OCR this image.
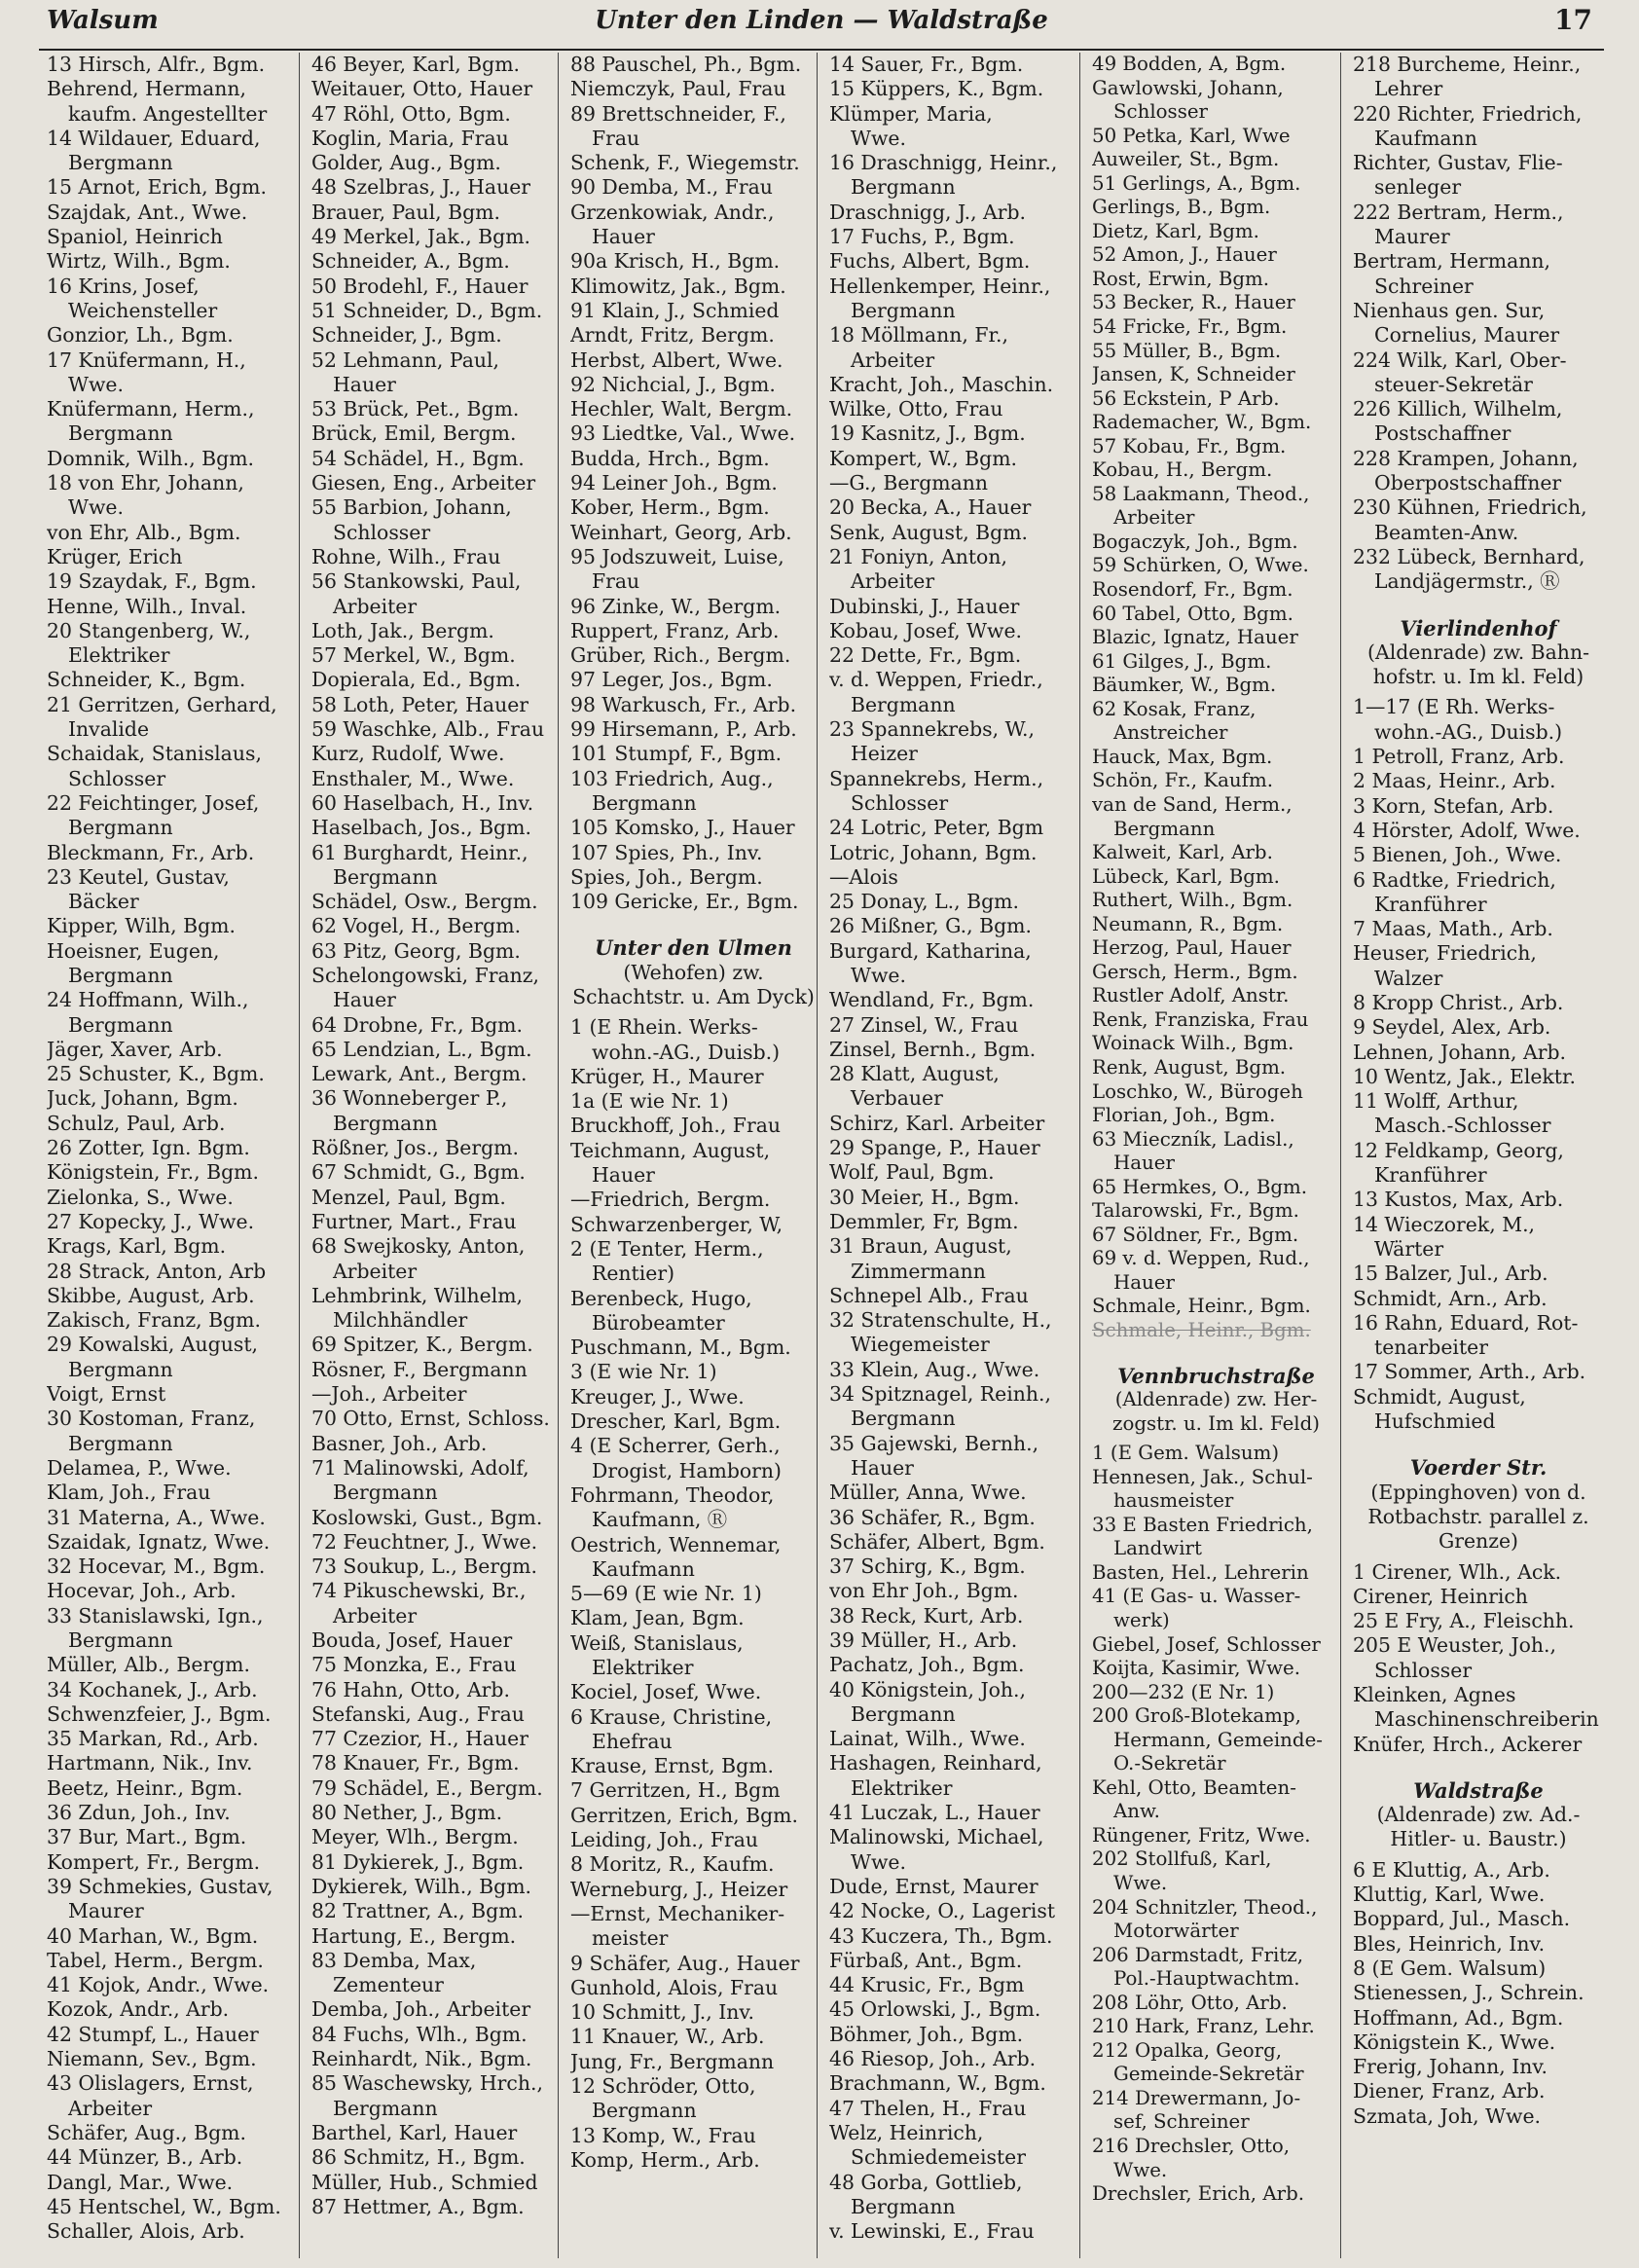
Walsum	Unter den Linden — Waldstraße	17
13 Hirsch, Alfr., Bgm.
Behrend, Hermann,
kaufm. Angestellter
14 Wildauer, Eduard,
Bergmann
15 Arnot, Erich, Bgm.
Szajdak, Ant., Wwe.
Spaniol, Heinrich
Wirtz, Wilh., Bgm.
16 Krins, Josef,
Weichensteller
Gonzior, Lh., Bgm.
17 Knüfermann, H.,
Wwe.
Knüfermann, Herm.,
Bergmann
Domnik, Wilh., Bgm.
18 von Ehr, Johann,
Wwe.
von Ehr, Alb., Bgm.
Krüger, Erich
19 Szaydak, F., Bgm.
Henne, Wilh., Inval.
20 Stangenberg, W.,
Elektriker
Schneider, K., Bgm.
21 Gerritzen, Gerhard,
Invalide
Schaidak, Stanislaus,
Schlosser
22 Feichtinger, Josef,
Bergmann
Bleckmann, Fr., Arb.
23 Keutel, Gustav,
Bäcker
Kipper, Wilh, Bgm.
Hoeisner, Eugen,
Bergmann
24 Hoffmann, Wilh.,
Bergmann
Jäger, Xaver, Arb.
25 Schuster, K., Bgm.
Juck, Johann, Bgm.
Schulz, Paul, Arb.
26 Zotter, Ign. Bgm.
Königstein, Fr., Bgm.
Zielonka, S., Wwe.
27 Kopecky, J., Wwe.
Krags, Karl, Bgm.
28 Strack, Anton, Arb
Skibbe, August, Arb.
Zakisch, Franz, Bgm.
29 Kowalski, August,
Bergmann
Voigt, Ernst
30 Kostoman, Franz,
Bergmann
Delamea, P., Wwe.
Klam, Joh., Frau
31 Materna, A., Wwe.
Szaidak, Ignatz, Wwe.
32 Hocevar, M., Bgm.
Hocevar, Joh., Arb.
33 Stanislawski, Ign.,
Bergmann
Müller, Alb., Bergm.
34 Kochanek, J., Arb.
Schwenzfeier, J., Bgm.
35 Markan, Rd., Arb.
Hartmann, Nik., Inv.
Beetz, Heinr., Bgm.
36 Zdun, Joh., Inv.
37 Bur, Mart., Bgm.
Kompert, Fr., Bergm.
39 Schmekies, Gustav,
Maurer
40 Marhan, W., Bgm.
Tabel, Herm., Bergm.
41 Kojok, Andr., Wwe.
Kozok, Andr., Arb.
42 Stumpf, L., Hauer
Niemann, Sev., Bgm.
43 Olislagers, Ernst,
Arbeiter
Schäfer, Aug., Bgm.
44 Münzer, B., Arb.
Dangl, Mar., Wwe.
45 Hentschel, W., Bgm.
Schaller, Alois, Arb.
46 Beyer, Karl, Bgm.
Weitauer, Otto, Hauer
47 Röhl, Otto, Bgm.
Koglin, Maria, Frau
Golder, Aug., Bgm.
48 Szelbras, J., Hauer
Brauer, Paul, Bgm.
49 Merkel, Jak., Bgm.
Schneider, A., Bgm.
50 Brodehl, F., Hauer
51 Schneider, D., Bgm.
Schneider, J., Bgm.
52 Lehmann, Paul,
Hauer
53 Brück, Pet., Bgm.
Brück, Emil, Bergm.
54 Schädel, H., Bgm.
Giesen, Eng., Arbeiter
55 Barbion, Johann,
Schlosser
Rohne, Wilh., Frau
56 Stankowski, Paul,
Arbeiter
Loth, Jak., Bergm.
57 Merkel, W., Bgm.
Dopierala, Ed., Bgm.
58 Loth, Peter, Hauer
59 Waschke, Alb., Frau
Kurz, Rudolf, Wwe.
Ensthaler, M., Wwe.
60 Haselbach, H., Inv.
Haselbach, Jos., Bgm.
61 Burghardt, Heinr.,
Bergmann
Schädel, Osw., Bergm.
62 Vogel, H., Bergm.
63 Pitz, Georg, Bgm.
Schelongowski, Franz,
Hauer
64 Drobne, Fr., Bgm.
65 Lendzian, L., Bgm.
Lewark, Ant., Bergm.
36 Wonneberger P.,
Bergmann
Rößner, Jos., Bergm.
67 Schmidt, G., Bgm.
Menzel, Paul, Bgm.
Furtner, Mart., Frau
68 Swejkosky, Anton,
Arbeiter
Lehmbrink, Wilhelm,
Milchhändler
69 Spitzer, K., Bergm.
Rösner, F., Bergmann
—Joh., Arbeiter
70 Otto, Ernst, Schloss.
Basner, Joh., Arb.
71 Malinowski, Adolf,
Bergmann
Koslowski, Gust., Bgm.
72 Feuchtner, J., Wwe.
73 Soukup, L., Bergm.
74 Pikuschewski, Br.,
Arbeiter
Bouda, Josef, Hauer
75 Monzka, E., Frau
76 Hahn, Otto, Arb.
Stefanski, Aug., Frau
77 Czezior, H., Hauer
78 Knauer, Fr., Bgm.
79 Schädel, E., Bergm.
80 Nether, J., Bgm.
Meyer, Wlh., Bergm.
81 Dykierek, J., Bgm.
Dykierek, Wilh., Bgm.
82 Trattner, A., Bgm.
Hartung, E., Bergm.
83 Demba, Max,
Zementeur
Demba, Joh., Arbeiter
84 Fuchs, Wlh., Bgm.
Reinhardt, Nik., Bgm.
85 Waschewsky, Hrch.,
Bergmann
Barthel, Karl, Hauer
86 Schmitz, H., Bgm.
Müller, Hub., Schmied
87 Hettmer, A., Bgm.
88 Pauschel, Ph., Bgm.
Niemczyk, Paul, Frau
89 Brettschneider, F.,
Frau
Schenk, F., Wiegemstr.
90 Demba, M., Frau
Grzenkowiak, Andr.,
Hauer
90a Krisch, H., Bgm.
Klimowitz, Jak., Bgm.
91 Klain, J., Schmied
Arndt, Fritz, Bergm.
Herbst, Albert, Wwe.
92 Nichcial, J., Bgm.
Hechler, Walt, Bergm.
93 Liedtke, Val., Wwe.
Budda, Hrch., Bgm.
94 Leiner Joh., Bgm.
Kober, Herm., Bgm.
Weinhart, Georg, Arb.
95 Jodszuweit, Luise,
Frau
96 Zinke, W., Bergm.
Ruppert, Franz, Arb.
Grüber, Rich., Bergm.
97 Leger, Jos., Bgm.
98 Warkusch, Fr., Arb.
99 Hirsemann, P., Arb.
101 Stumpf, F., Bgm.
103 Friedrich, Aug.,
Bergmann
105 Komsko, J., Hauer
107 Spies, Ph., Inv.
Spies, Joh., Bergm.
109 Gericke, Er., Bgm.
Unter den Ulmen
(Wehofen) zw.
Schachtstr. u. Am Dyck)
1 (E Rhein. Werks-
wohn.-AG., Duisb.)
Krüger, H., Maurer
1a (E wie Nr. 1)
Bruckhoff, Joh., Frau
Teichmann, August,
Hauer
—Friedrich, Bergm.
Schwarzenberger, W,
2 (E Tenter, Herm.,
Rentier)
Berenbeck, Hugo,
Bürobeamter
Puschmann, M., Bgm.
3 (E wie Nr. 1)
Kreuger, J., Wwe.
Drescher, Karl, Bgm.
4 (E Scherrer, Gerh.,
Drogist, Hamborn)
Fohrmann, Theodor,
Kaufmann, Ⓡ
Oestrich, Wennemar,
Kaufmann
5—69 (E wie Nr. 1)
Klam, Jean, Bgm.
Weiß, Stanislaus,
Elektriker
Kociel, Josef, Wwe.
6 Krause, Christine,
Ehefrau
Krause, Ernst, Bgm.
7 Gerritzen, H., Bgm
Gerritzen, Erich, Bgm.
Leiding, Joh., Frau
8 Moritz, R., Kaufm.
Werneburg, J., Heizer
—Ernst, Mechaniker-
meister
9 Schäfer, Aug., Hauer
Gunhold, Alois, Frau
10 Schmitt, J., Inv.
11 Knauer, W., Arb.
Jung, Fr., Bergmann
12 Schröder, Otto,
Bergmann
13 Komp, W., Frau
Komp, Herm., Arb.
14 Sauer, Fr., Bgm.
15 Küppers, K., Bgm.
Klümper, Maria,
Wwe.
16 Draschnigg, Heinr.,
Bergmann
Draschnigg, J., Arb.
17 Fuchs, P., Bgm.
Fuchs, Albert, Bgm.
Hellenkemper, Heinr.,
Bergmann
18 Möllmann, Fr.,
Arbeiter
Kracht, Joh., Maschin.
Wilke, Otto, Frau
19 Kasnitz, J., Bgm.
Kompert, W., Bgm.
—G., Bergmann
20 Becka, A., Hauer
Senk, August, Bgm.
21 Foniyn, Anton,
Arbeiter
Dubinski, J., Hauer
Kobau, Josef, Wwe.
22 Dette, Fr., Bgm.
v. d. Weppen, Friedr.,
Bergmann
23 Spannekrebs, W.,
Heizer
Spannekrebs, Herm.,
Schlosser
24 Lotric, Peter, Bgm
Lotric, Johann, Bgm.
—Alois
25 Donay, L., Bgm.
26 Mißner, G., Bgm.
Burgard, Katharina,
Wwe.
Wendland, Fr., Bgm.
27 Zinsel, W., Frau
Zinsel, Bernh., Bgm.
28 Klatt, August,
Verbauer
Schirz, Karl. Arbeiter
29 Spange, P., Hauer
Wolf, Paul, Bgm.
30 Meier, H., Bgm.
Demmler, Fr, Bgm.
31 Braun, August,
Zimmermann
Schnepel Alb., Frau
32 Stratenschulte, H.,
Wiegemeister
33 Klein, Aug., Wwe.
34 Spitznagel, Reinh.,
Bergmann
35 Gajewski, Bernh.,
Hauer
Müller, Anna, Wwe.
36 Schäfer, R., Bgm.
Schäfer, Albert, Bgm.
37 Schirg, K., Bgm.
von Ehr Joh., Bgm.
38 Reck, Kurt, Arb.
39 Müller, H., Arb.
Pachatz, Joh., Bgm.
40 Königstein, Joh.,
Bergmann
Lainat, Wilh., Wwe.
Hashagen, Reinhard,
Elektriker
41 Luczak, L., Hauer
Malinowski, Michael,
Wwe.
Dude, Ernst, Maurer
42 Nocke, O., Lagerist
43 Kuczera, Th., Bgm.
Fürbaß, Ant., Bgm.
44 Krusic, Fr., Bgm
45 Orlowski, J., Bgm.
Böhmer, Joh., Bgm.
46 Riesop, Joh., Arb.
Brachmann, W., Bgm.
47 Thelen, H., Frau
Welz, Heinrich,
Schmiedemeister
48 Gorba, Gottlieb,
Bergmann
v. Lewinski, E., Frau
49 Bodden, A, Bgm.
Gawlowski, Johann,
Schlosser
50 Petka, Karl, Wwe
Auweiler, St., Bgm.
51 Gerlings, A., Bgm.
Gerlings, B., Bgm.
Dietz, Karl, Bgm.
52 Amon, J., Hauer
Rost, Erwin, Bgm.
53 Becker, R., Hauer
54 Fricke, Fr., Bgm.
55 Müller, B., Bgm.
Jansen, K, Schneider
56 Eckstein, P Arb.
Rademacher, W., Bgm.
57 Kobau, Fr., Bgm.
Kobau, H., Bergm.
58 Laakmann, Theod.,
Arbeiter
Bogaczyk, Joh., Bgm.
59 Schürken, O, Wwe.
Rosendorf, Fr., Bgm.
60 Tabel, Otto, Bgm.
Blazic, Ignatz, Hauer
61 Gilges, J., Bgm.
Bäumker, W., Bgm.
62 Kosak, Franz,
Anstreicher
Hauck, Max, Bgm.
Schön, Fr., Kaufm.
van de Sand, Herm.,
Bergmann
Kalweit, Karl, Arb.
Lübeck, Karl, Bgm.
Ruthert, Wilh., Bgm.
Neumann, R., Bgm.
Herzog, Paul, Hauer
Gersch, Herm., Bgm.
Rustler Adolf, Anstr.
Renk, Franziska, Frau
Woinack Wilh., Bgm.
Renk, August, Bgm.
Loschko, W., Bürogeh
Florian, Joh., Bgm.
63 Mieczník, Ladisl.,
Hauer
65 Hermkes, O., Bgm.
Talarowski, Fr., Bgm.
67 Söldner, Fr., Bgm.
69 v. d. Weppen, Rud.,
Hauer
Schmale, Heinr., Bgm.
Schmale, Heinr., Bgm.
Vennbruchstraße
(Aldenrade) zw. Her-
zogstr. u. Im kl. Feld)
1 (E Gem. Walsum)
Hennesen, Jak., Schul-
hausmeister
33 E Basten Friedrich,
Landwirt
Basten, Hel., Lehrerin
41 (E Gas- u. Wasser-
werk)
Giebel, Josef, Schlosser
Koijta, Kasimir, Wwe.
200—232 (E Nr. 1)
200 Groß-Blotekamp,
Hermann, Gemeinde-
O.-Sekretär
Kehl, Otto, Beamten-
Anw.
Rüngener, Fritz, Wwe.
202 Stollfuß, Karl,
Wwe.
204 Schnitzler, Theod.,
Motorwärter
206 Darmstadt, Fritz,
Pol.-Hauptwachtm.
208 Löhr, Otto, Arb.
210 Hark, Franz, Lehr.
212 Opalka, Georg,
Gemeinde-Sekretär
214 Drewermann, Jo-
sef, Schreiner
216 Drechsler, Otto,
Wwe.
Drechsler, Erich, Arb.
218 Burcheme, Heinr.,
Lehrer
220 Richter, Friedrich,
Kaufmann
Richter, Gustav, Flie-
senleger
222 Bertram, Herm.,
Maurer
Bertram, Hermann,
Schreiner
Nienhaus gen. Sur,
Cornelius, Maurer
224 Wilk, Karl, Ober-
steuer-Sekretär
226 Killich, Wilhelm,
Postschaffner
228 Krampen, Johann,
Oberpostschaffner
230 Kühnen, Friedrich,
Beamten-Anw.
232 Lübeck, Bernhard,
Landjägermstr., Ⓡ
Vierlindenhof
(Aldenrade) zw. Bahn-
hofstr. u. Im kl. Feld)
1—17 (E Rh. Werks-
wohn.-AG., Duisb.)
1 Petroll, Franz, Arb.
2 Maas, Heinr., Arb.
3 Korn, Stefan, Arb.
4 Hörster, Adolf, Wwe.
5 Bienen, Joh., Wwe.
6 Radtke, Friedrich,
Kranführer
7 Maas, Math., Arb.
Heuser, Friedrich,
Walzer
8 Kropp Christ., Arb.
9 Seydel, Alex, Arb.
Lehnen, Johann, Arb.
10 Wentz, Jak., Elektr.
11 Wolff, Arthur,
Masch.-Schlosser
12 Feldkamp, Georg,
Kranführer
13 Kustos, Max, Arb.
14 Wieczorek, M.,
Wärter
15 Balzer, Jul., Arb.
Schmidt, Arn., Arb.
16 Rahn, Eduard, Rot-
tenarbeiter
17 Sommer, Arth., Arb.
Schmidt, August,
Hufschmied
Voerder Str.
(Eppinghoven) von d.
Rotbachstr. parallel z.
Grenze)
1 Cirener, Wlh., Ack.
Cirener, Heinrich
25 E Fry, A., Fleischh.
205 E Weuster, Joh.,
Schlosser
Kleinken, Agnes
Maschinenschreiberin
Knüfer, Hrch., Ackerer
Waldstraße
(Aldenrade) zw. Ad.-
Hitler- u. Baustr.)
6 E Kluttig, A., Arb.
Kluttig, Karl, Wwe.
Boppard, Jul., Masch.
Bles, Heinrich, Inv.
8 (E Gem. Walsum)
Stienessen, J., Schrein.
Hoffmann, Ad., Bgm.
Königstein K., Wwe.
Frerig, Johann, Inv.
Diener, Franz, Arb.
Szmata, Joh, Wwe.
